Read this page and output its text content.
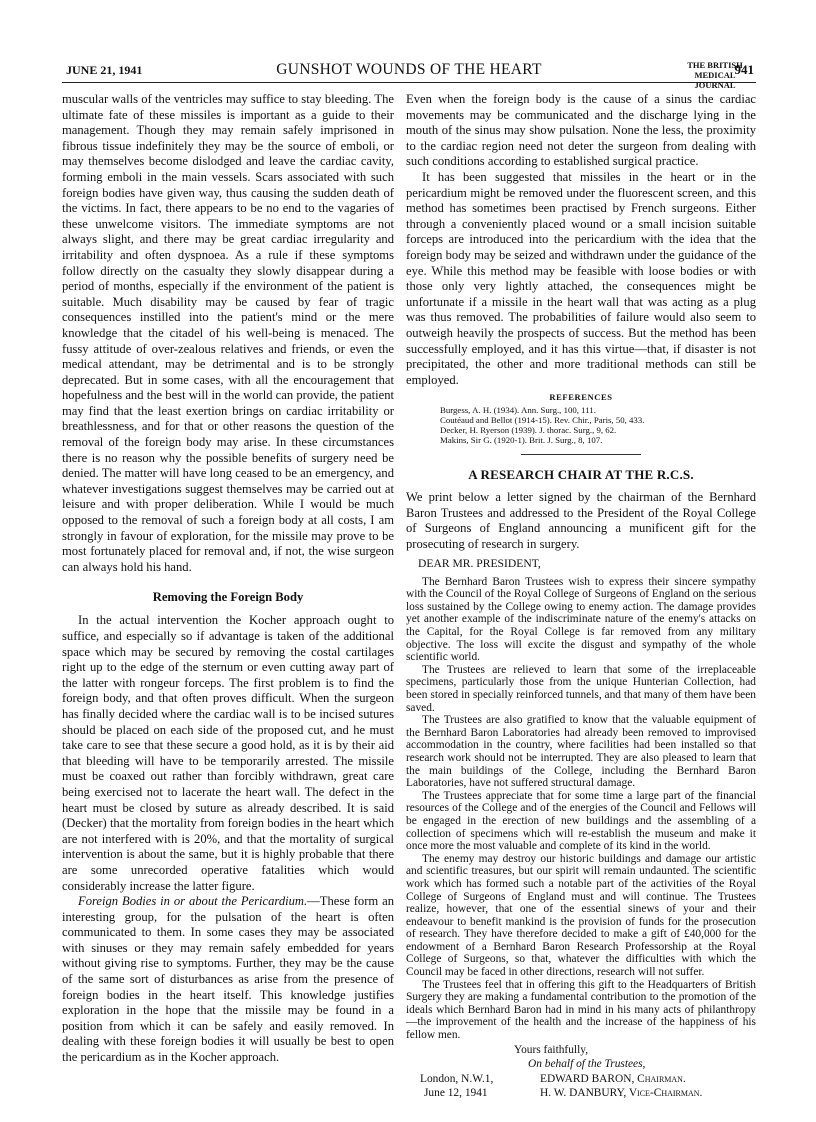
JUNE 21, 1941	GUNSHOT WOUNDS OF THE HEART	THE BRITISH
MEDICAL JOURNAL
941

muscular walls of the ventricles may suffice to stay bleeding. The ultimate fate of these missiles is important as a guide to their management. Though they may remain safely imprisoned in fibrous tissue indefinitely they may be the source of emboli, or may themselves become dislodged and leave the cardiac cavity, forming emboli in the main vessels. Scars associated with such foreign bodies have given way, thus causing the sudden death of the victims. In fact, there appears to be no end to the vagaries of these unwelcome visitors. The immediate symptoms are not always slight, and there may be great cardiac irregularity and irritability and often dyspnoea. As a rule if these symptoms follow directly on the casualty they slowly disappear during a period of months, especially if the environment of the patient is suitable. Much disability may be caused by fear of tragic consequences instilled into the patient's mind or the mere knowledge that the citadel of his well-being is menaced. The fussy attitude of over-zealous relatives and friends, or even the medical attendant, may be detrimental and is to be strongly deprecated. But in some cases, with all the encouragement that hopefulness and the best will in the world can provide, the patient may find that the least exertion brings on cardiac irritability or breathlessness, and for that or other reasons the question of the removal of the foreign body may arise. In these circumstances there is no reason why the possible benefits of surgery need be denied. The matter will have long ceased to be an emergency, and whatever investigations suggest themselves may be carried out at leisure and with proper deliberation. While I would be much opposed to the removal of such a foreign body at all costs, I am strongly in favour of exploration, for the missile may prove to be most fortunately placed for removal and, if not, the wise surgeon can always hold his hand.

Removing the Foreign Body

In the actual intervention the Kocher approach ought to suffice, and especially so if advantage is taken of the additional space which may be secured by removing the costal cartilages right up to the edge of the sternum or even cutting away part of the latter with rongeur forceps. The first problem is to find the foreign body, and that often proves difficult. When the surgeon has finally decided where the cardiac wall is to be incised sutures should be placed on each side of the proposed cut, and he must take care to see that these secure a good hold, as it is by their aid that bleeding will have to be temporarily arrested. The missile must be coaxed out rather than forcibly withdrawn, great care being exercised not to lacerate the heart wall. The defect in the heart must be closed by suture as already described. It is said (Decker) that the mortality from foreign bodies in the heart which are not interfered with is 20%, and that the mortality of surgical intervention is about the same, but it is highly probable that there are some unrecorded operative fatalities which would considerably increase the latter figure.

Foreign Bodies in or about the Pericardium.—These form an interesting group, for the pulsation of the heart is often communicated to them. In some cases they may be associated with sinuses or they may remain safely embedded for years without giving rise to symptoms. Further, they may be the cause of the same sort of disturbances as arise from the presence of foreign bodies in the heart itself. This knowledge justifies exploration in the hope that the missile may be found in a position from which it can be safely and easily removed. In dealing with these foreign bodies it will usually be best to open the pericardium as in the Kocher approach.

Even when the foreign body is the cause of a sinus the cardiac movements may be communicated and the discharge lying in the mouth of the sinus may show pulsation. None the less, the proximity to the cardiac region need not deter the surgeon from dealing with such conditions according to established surgical practice.

It has been suggested that missiles in the heart or in the pericardium might be removed under the fluorescent screen, and this method has sometimes been practised by French surgeons. Either through a conveniently placed wound or a small incision suitable forceps are introduced into the pericardium with the idea that the foreign body may be seized and withdrawn under the guidance of the eye. While this method may be feasible with loose bodies or with those only very lightly attached, the consequences might be unfortunate if a missile in the heart wall that was acting as a plug was thus removed. The probabilities of failure would also seem to outweigh heavily the prospects of success. But the method has been successfully employed, and it has this virtue—that, if disaster is not precipitated, the other and more traditional methods can still be employed.

REFERENCES
Burgess, A. H. (1934). Ann. Surg., 100, 111.
Coutéaud and Bellot (1914-15). Rev. Chir., Paris, 50, 433.
Decker, H. Ryerson (1939). J. thorac. Surg., 9, 62.
Makins, Sir G. (1920-1). Brit. J. Surg., 8, 107.
A RESEARCH CHAIR AT THE R.C.S.

We print below a letter signed by the chairman of the Bernhard Baron Trustees and addressed to the President of the Royal College of Surgeons of England announcing a munificent gift for the prosecuting of research in surgery.

DEAR MR. PRESIDENT,

The Bernhard Baron Trustees wish to express their sincere sympathy with the Council of the Royal College of Surgeons of England on the serious loss sustained by the College owing to enemy action. The damage provides yet another example of the indiscriminate nature of the enemy's attacks on the Capital, for the Royal College is far removed from any military objective. The loss will excite the disgust and sympathy of the whole scientific world.

The Trustees are relieved to learn that some of the irreplaceable specimens, particularly those from the unique Hunterian Collection, had been stored in specially reinforced tunnels, and that many of them have been saved.

The Trustees are also gratified to know that the valuable equipment of the Bernhard Baron Laboratories had already been removed to improvised accommodation in the country, where facilities had been installed so that research work should not be interrupted. They are also pleased to learn that the main buildings of the College, including the Bernhard Baron Laboratories, have not suffered structural damage.

The Trustees appreciate that for some time a large part of the financial resources of the College and of the energies of the Council and Fellows will be engaged in the erection of new buildings and the assembling of a collection of specimens which will re-establish the museum and make it once more the most valuable and complete of its kind in the world.

The enemy may destroy our historic buildings and damage our artistic and scientific treasures, but our spirit will remain undaunted. The scientific work which has formed such a notable part of the activities of the Royal College of Surgeons of England must and will continue. The Trustees realize, however, that one of the essential sinews of your and their endeavour to benefit mankind is the provision of funds for the prosecution of research. They have therefore decided to make a gift of £40,000 for the endowment of a Bernhard Baron Research Professorship at the Royal College of Surgeons, so that, whatever the difficulties with which the Council may be faced in other directions, research will not suffer.

The Trustees feel that in offering this gift to the Headquarters of British Surgery they are making a fundamental contribution to the promotion of the ideals which Bernhard Baron had in mind in his many acts of philanthropy—the improvement of the health and the increase of the happiness of his fellow men.

Yours faithfully,
On behalf of the Trustees,
London, N.W.1,	EDWARD BARON, Chairman.
June 12, 1941	H. W. DANBURY, Vice-Chairman.
